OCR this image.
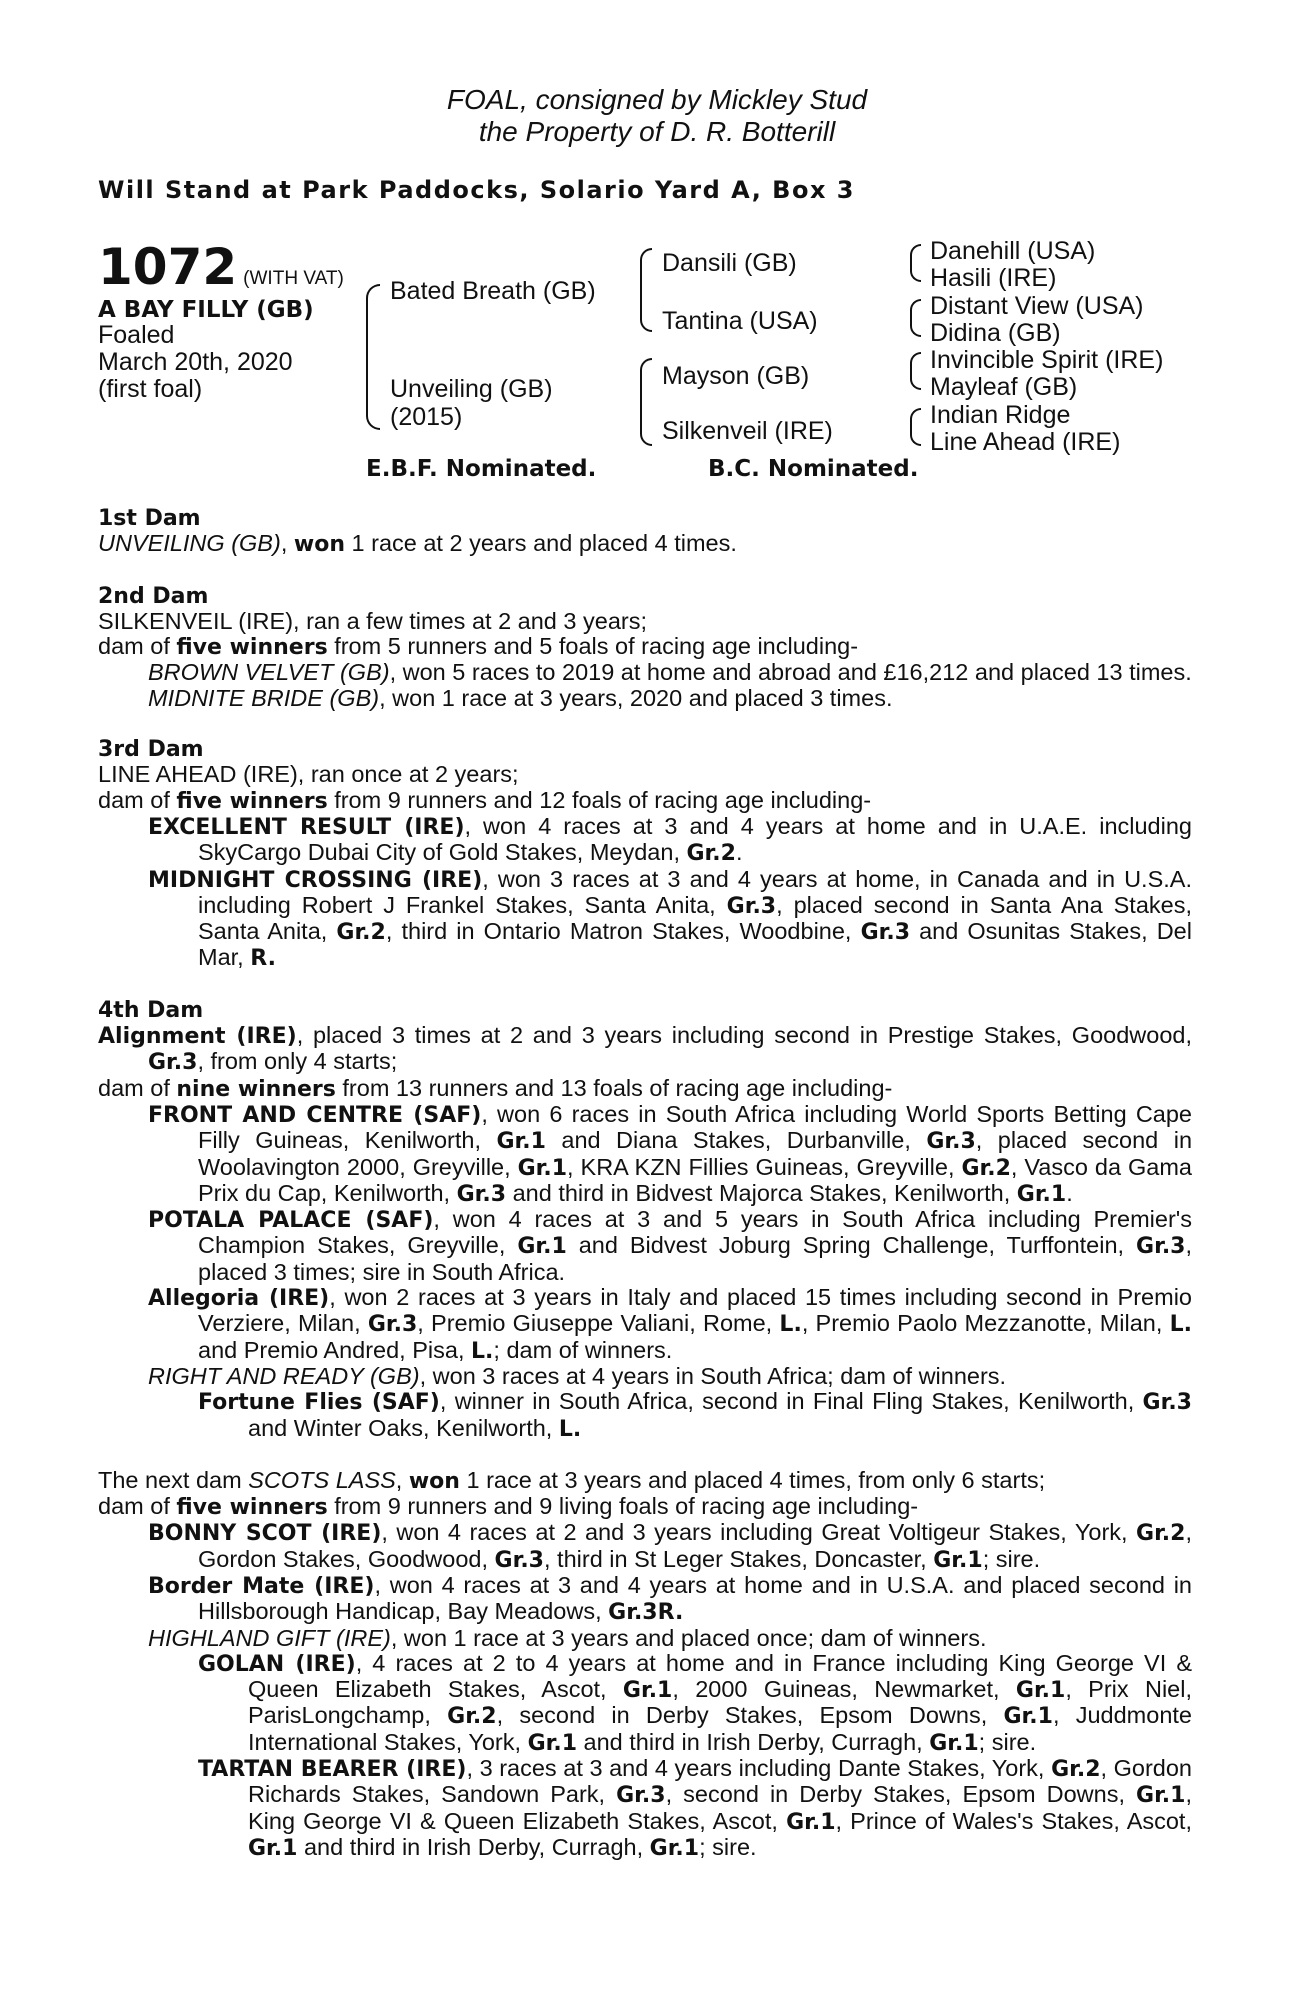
FOAL, consigned by Mickley Stud
the Property of D. R. Botterill
Will Stand at Park Paddocks, Solario Yard A, Box 3
1072 (WITH VAT)
A BAY FILLY (GB)
Foaled
March 20th, 2020
(first foal)
Bated Breath (GB)
Unveiling (GB)
(2015)
Dansili (GB)
Tantina (USA)
Mayson (GB)
Silkenveil (IRE)
Danehill (USA)
Hasili (IRE)
Distant View (USA)
Didina (GB)
Invincible Spirit (IRE)
Mayleaf (GB)
Indian Ridge
Line Ahead (IRE)
E.B.F. Nominated.	B.C. Nominated.
1st Dam
UNVEILING (GB), won 1 race at 2 years and placed 4 times.
2nd Dam
SILKENVEIL (IRE), ran a few times at 2 and 3 years;
dam of five winners from 5 runners and 5 foals of racing age including-
BROWN VELVET (GB), won 5 races to 2019 at home and abroad and £16,212 and placed 13 times.
MIDNITE BRIDE (GB), won 1 race at 3 years, 2020 and placed 3 times.
3rd Dam
LINE AHEAD (IRE), ran once at 2 years;
dam of five winners from 9 runners and 12 foals of racing age including-
EXCELLENT RESULT (IRE), won 4 races at 3 and 4 years at home and in U.A.E. including SkyCargo Dubai City of Gold Stakes, Meydan, Gr.2.
MIDNIGHT CROSSING (IRE), won 3 races at 3 and 4 years at home, in Canada and in U.S.A. including Robert J Frankel Stakes, Santa Anita, Gr.3, placed second in Santa Ana Stakes, Santa Anita, Gr.2, third in Ontario Matron Stakes, Woodbine, Gr.3 and Osunitas Stakes, Del Mar, R.
4th Dam
Alignment (IRE), placed 3 times at 2 and 3 years including second in Prestige Stakes, Goodwood, Gr.3, from only 4 starts;
dam of nine winners from 13 runners and 13 foals of racing age including-
FRONT AND CENTRE (SAF), won 6 races in South Africa including World Sports Betting Cape Filly Guineas, Kenilworth, Gr.1 and Diana Stakes, Durbanville, Gr.3, placed second in Woolavington 2000, Greyville, Gr.1, KRA KZN Fillies Guineas, Greyville, Gr.2, Vasco da Gama Prix du Cap, Kenilworth, Gr.3 and third in Bidvest Majorca Stakes, Kenilworth, Gr.1.
POTALA PALACE (SAF), won 4 races at 3 and 5 years in South Africa including Premier's Champion Stakes, Greyville, Gr.1 and Bidvest Joburg Spring Challenge, Turffontein, Gr.3, placed 3 times; sire in South Africa.
Allegoria (IRE), won 2 races at 3 years in Italy and placed 15 times including second in Premio Verziere, Milan, Gr.3, Premio Giuseppe Valiani, Rome, L., Premio Paolo Mezzanotte, Milan, L. and Premio Andred, Pisa, L.; dam of winners.
RIGHT AND READY (GB), won 3 races at 4 years in South Africa; dam of winners.
Fortune Flies (SAF), winner in South Africa, second in Final Fling Stakes, Kenilworth, Gr.3 and Winter Oaks, Kenilworth, L.
The next dam SCOTS LASS, won 1 race at 3 years and placed 4 times, from only 6 starts;
dam of five winners from 9 runners and 9 living foals of racing age including-
BONNY SCOT (IRE), won 4 races at 2 and 3 years including Great Voltigeur Stakes, York, Gr.2, Gordon Stakes, Goodwood, Gr.3, third in St Leger Stakes, Doncaster, Gr.1; sire.
Border Mate (IRE), won 4 races at 3 and 4 years at home and in U.S.A. and placed second in Hillsborough Handicap, Bay Meadows, Gr.3R.
HIGHLAND GIFT (IRE), won 1 race at 3 years and placed once; dam of winners.
GOLAN (IRE), 4 races at 2 to 4 years at home and in France including King George VI & Queen Elizabeth Stakes, Ascot, Gr.1, 2000 Guineas, Newmarket, Gr.1, Prix Niel, ParisLongchamp, Gr.2, second in Derby Stakes, Epsom Downs, Gr.1, Juddmonte International Stakes, York, Gr.1 and third in Irish Derby, Curragh, Gr.1; sire.
TARTAN BEARER (IRE), 3 races at 3 and 4 years including Dante Stakes, York, Gr.2, Gordon Richards Stakes, Sandown Park, Gr.3, second in Derby Stakes, Epsom Downs, Gr.1, King George VI & Queen Elizabeth Stakes, Ascot, Gr.1, Prince of Wales's Stakes, Ascot, Gr.1 and third in Irish Derby, Curragh, Gr.1; sire.
